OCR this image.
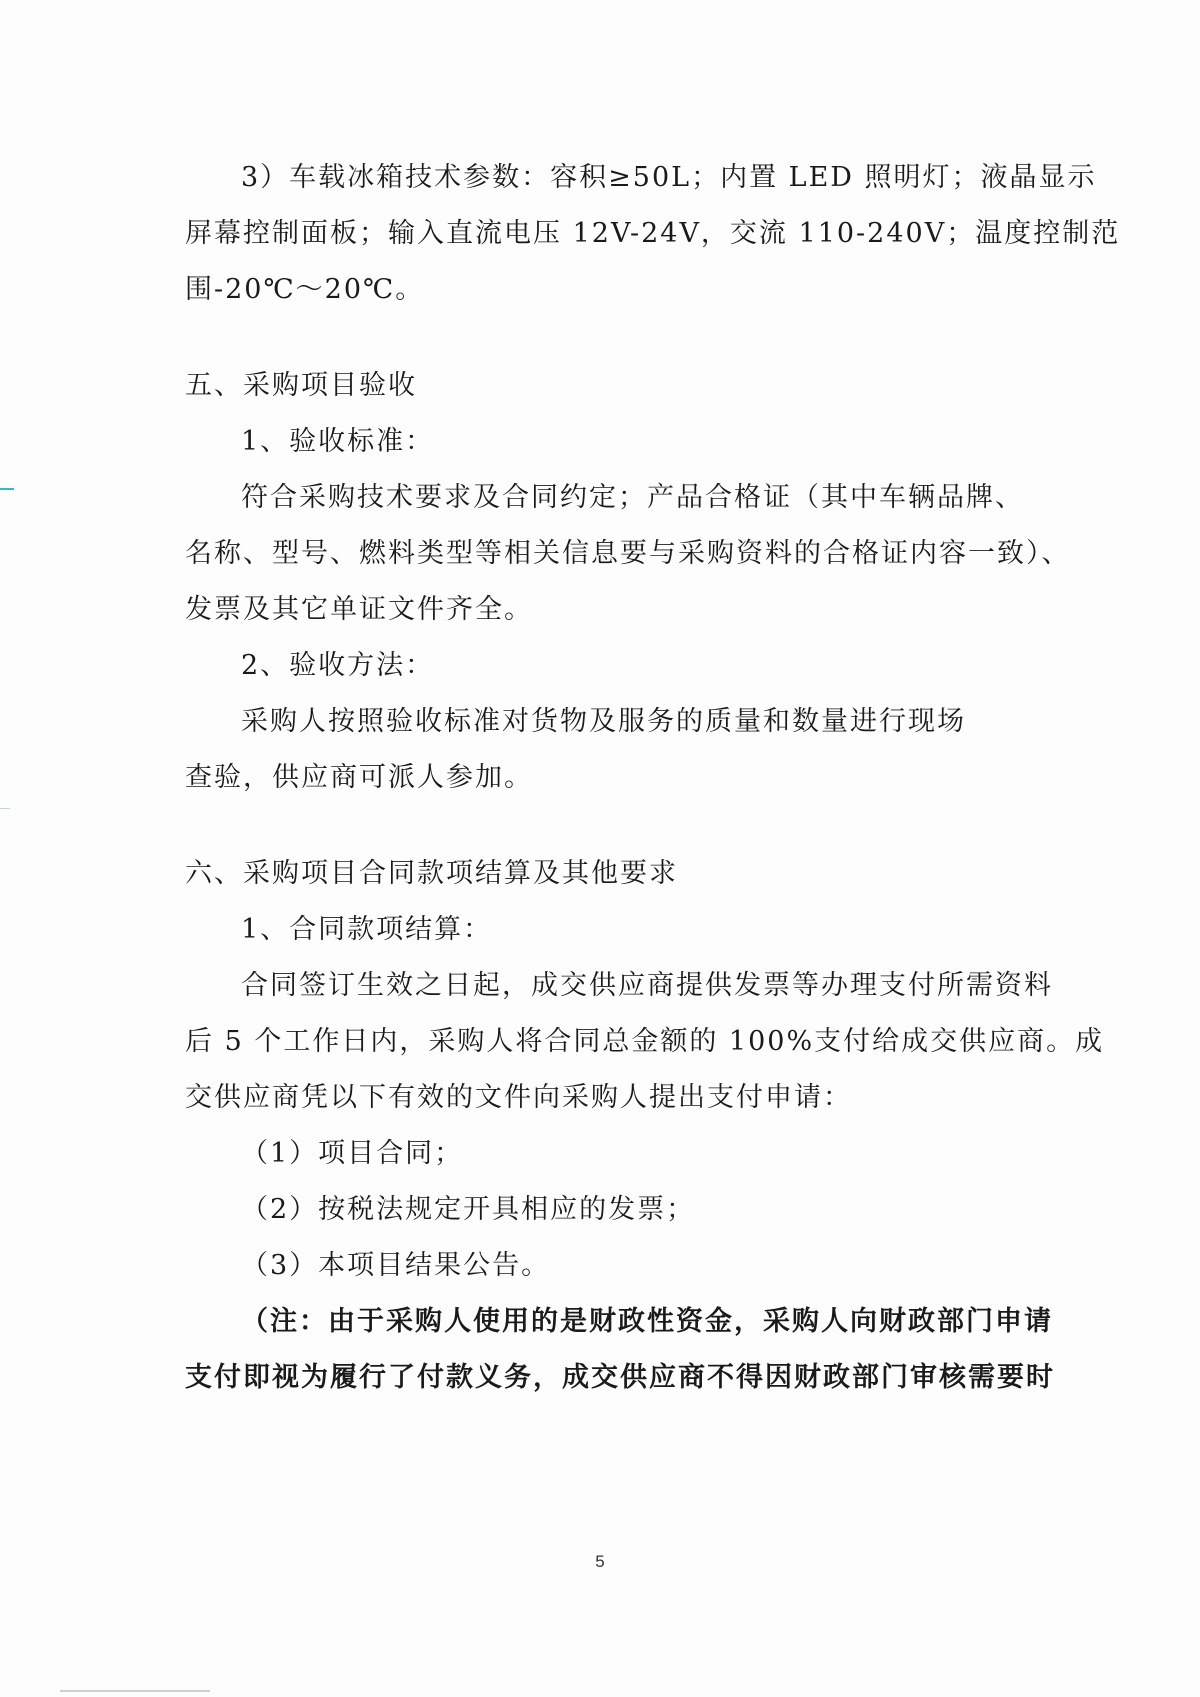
3）车载冰箱技术参数：容积≥50L；内置 LED 照明灯；液晶显示
屏幕控制面板；输入直流电压 12V-24V，交流 110-240V；温度控制范
围-20℃～20℃。
五、采购项目验收
1、验收标准：
符合采购技术要求及合同约定；产品合格证（其中车辆品牌、
名称、型号、燃料类型等相关信息要与采购资料的合格证内容一致）、
发票及其它单证文件齐全。
2、验收方法：
采购人按照验收标准对货物及服务的质量和数量进行现场
查验，供应商可派人参加。
六、采购项目合同款项结算及其他要求
1、合同款项结算：
合同签订生效之日起，成交供应商提供发票等办理支付所需资料
后 5 个工作日内，采购人将合同总金额的 100%支付给成交供应商。成
交供应商凭以下有效的文件向采购人提出支付申请：
（1）项目合同；
（2）按税法规定开具相应的发票；
（3）本项目结果公告。
（注：由于采购人使用的是财政性资金，采购人向财政部门申请
支付即视为履行了付款义务，成交供应商不得因财政部门审核需要时
5
